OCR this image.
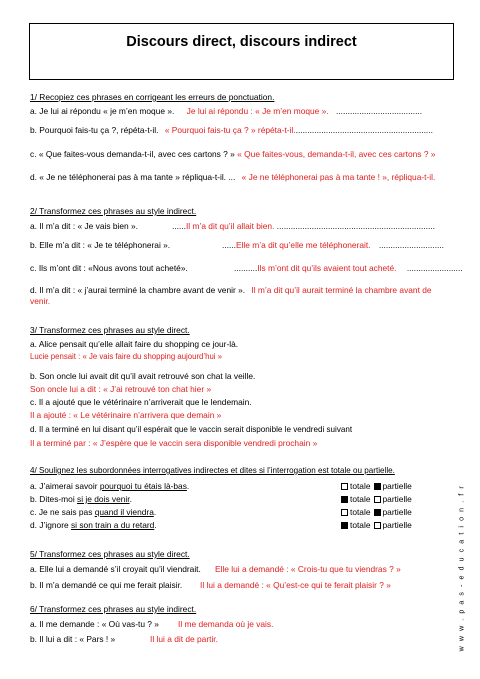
Discours direct, discours indirect
1/ Recopiez ces phrases en corrigeant les erreurs de ponctuation.
a. Je lui ai répondu « je m’en moque ». Je lui ai répondu : « Je m’en moque ». .....................................
b. Pourquoi fais-tu ça ?, répéta-t-il. « Pourquoi fais-tu ça ? » répéta-t-il............................................................
c. « Que faites-vous demanda-t-il, avec ces cartons ? » « Que faites-vous, demanda-t-il, avec ces cartons ? »
d. « Je ne téléphonerai pas à ma tante » répliqua-t-il. ... « Je ne téléphonerai pas à ma tante ! », répliqua-t-il.
2/ Transformez ces phrases au style indirect.
a. Il m’a dit : « Je vais bien ».	......Il m’a dit qu’il allait bien. ....................................................................
b. Elle m’a dit : « Je te téléphonerai ».	......Elle m’a dit qu’elle me téléphonerait. ............................
c. Ils m’ont dit : «Nous avons tout acheté».	..........Ils m’ont dit qu’ils avaient tout acheté. ........................
d. Il m’a dit : « j’aurai terminé la chambre avant de venir ». Il m’a dit qu’il aurait terminé la chambre avant de venir.
3/ Transformez ces phrases au style direct.
a. Alice pensait qu’elle allait faire du shopping ce jour-là.
Lucie pensait : « Je vais faire du shopping aujourd’hui »
b. Son oncle lui avait dit qu’il avait retrouvé son chat la veille.
Son oncle lui a dit : « J’ai retrouvé ton chat hier »
c. Il a ajouté que le vétérinaire n’arriverait que le lendemain.
Il a ajouté : « Le vétérinaire n’arrivera que demain »
d. Il a terminé en lui disant qu’il espérait que le vaccin serait disponible le vendredi suivant
Il a terminé par : « J’espère que le vaccin sera disponible vendredi prochain »
4/ Soulignez les subordonnées interrogatives indirectes et dites si l’interrogation est totale ou partielle.
a. J’aimerai savoir pourquoi tu étais là-bas.	totale partielle
b. Dites-moi si je dois venir.	totale partielle
c. Je ne sais pas quand il viendra.	totale partielle
d. J’ignore si son train a du retard.	totale partielle
5/ Transformez ces phrases au style direct.
a. Elle lui a demandé s’il croyait qu’il viendrait. Elle lui a demandé : « Crois-tu que tu viendras ? »
b. Il m’a demandé ce qui me ferait plaisir. Il lui a demandé : « Qu’est-ce qui te ferait plaisir ? »
6/ Transformez ces phrases au style indirect.
a. Il me demande : « Où vas-tu ? » Il me demanda où je vais.
b. Il lui a dit : « Pars ! »	Il lui a dit de partir.	w w w . p a s - e d u c a t i o n . f r
